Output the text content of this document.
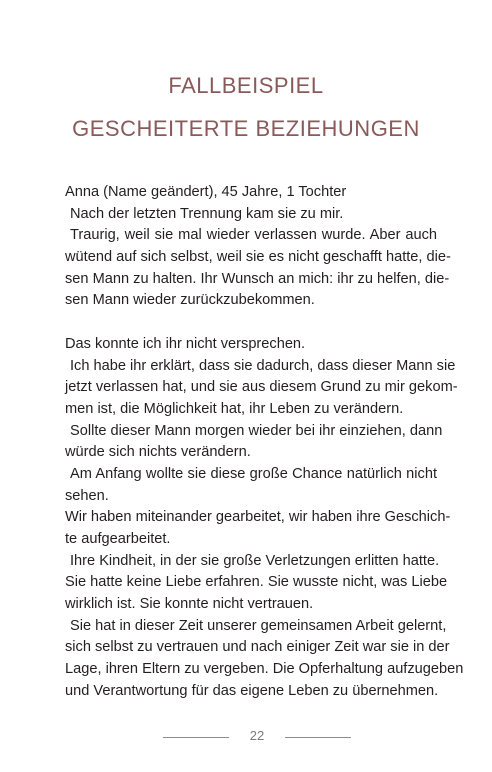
FALLBEISPIEL
GESCHEITERTE BEZIEHUNGEN
Anna (Name geändert), 45 Jahre, 1 Tochter
Nach der letzten Trennung kam sie zu mir.
Traurig, weil sie mal wieder verlassen wurde. Aber auch
wütend auf sich selbst, weil sie es nicht geschafft hatte, die-
sen Mann zu halten. Ihr Wunsch an mich: ihr zu helfen, die-
sen Mann wieder zurückzubekommen.
Das konnte ich ihr nicht versprechen.
Ich habe ihr erklärt, dass sie dadurch, dass dieser Mann sie
jetzt verlassen hat, und sie aus diesem Grund zu mir gekom-
men ist, die Möglichkeit hat, ihr Leben zu verändern.
Sollte dieser Mann morgen wieder bei ihr einziehen, dann
würde sich nichts verändern.
Am Anfang wollte sie diese große Chance natürlich nicht
sehen.
Wir haben miteinander gearbeitet, wir haben ihre Geschich-
te aufgearbeitet.
Ihre Kindheit, in der sie große Verletzungen erlitten hatte.
Sie hatte keine Liebe erfahren. Sie wusste nicht, was Liebe
wirklich ist. Sie konnte nicht vertrauen.
Sie hat in dieser Zeit unserer gemeinsamen Arbeit gelernt,
sich selbst zu vertrauen und nach einiger Zeit war sie in der
Lage, ihren Eltern zu vergeben. Die Opferhaltung aufzugeben
und Verantwortung für das eigene Leben zu übernehmen.
22
